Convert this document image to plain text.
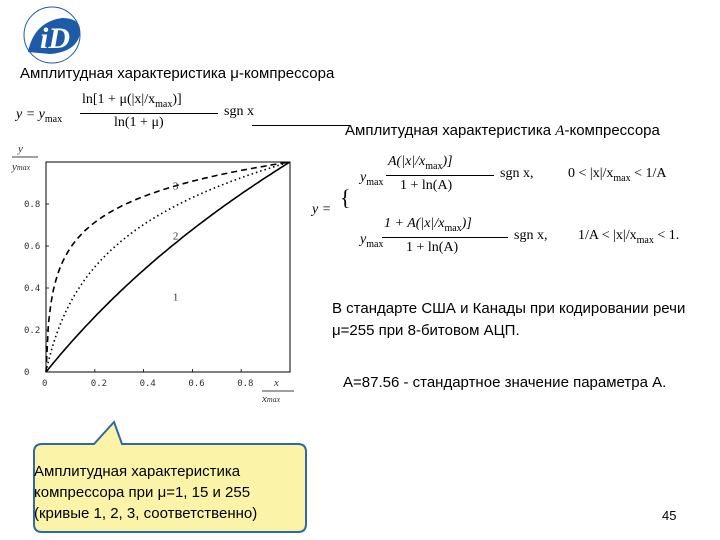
iD
Амплитудная характеристика μ-компрессора
$y = y_{max}$
$\ln[1 + \mu(|x|/x_{max})]$
ln(1 + μ)
sgn x
Амплитудная характеристика A-компрессора
y = {
$y_{max}$
$A(|x|/x_{max})$]
1 + ln(A)
sgn x, $0 < |x|/x_{max} < 1/A$
$y_{max}$
$1 + A(|x|/x_{max})$]
1 + ln(A)
sgn x, $1/A < |x|/x_{max} < 1$.
0	0.2	0.4	0.6	0.8
0
0.2
0.4
0.6
0.8
1
2
3
y
ymax
x
xmax
В стандарте США и Канады при кодировании речи μ=255 при 8-битовом АЦП.
A=87.56 - стандартное значение параметра A.
Амплитудная характеристика компрессора при μ=1, 15 и 255 (кривые 1, 2, 3, соответственно)	45
